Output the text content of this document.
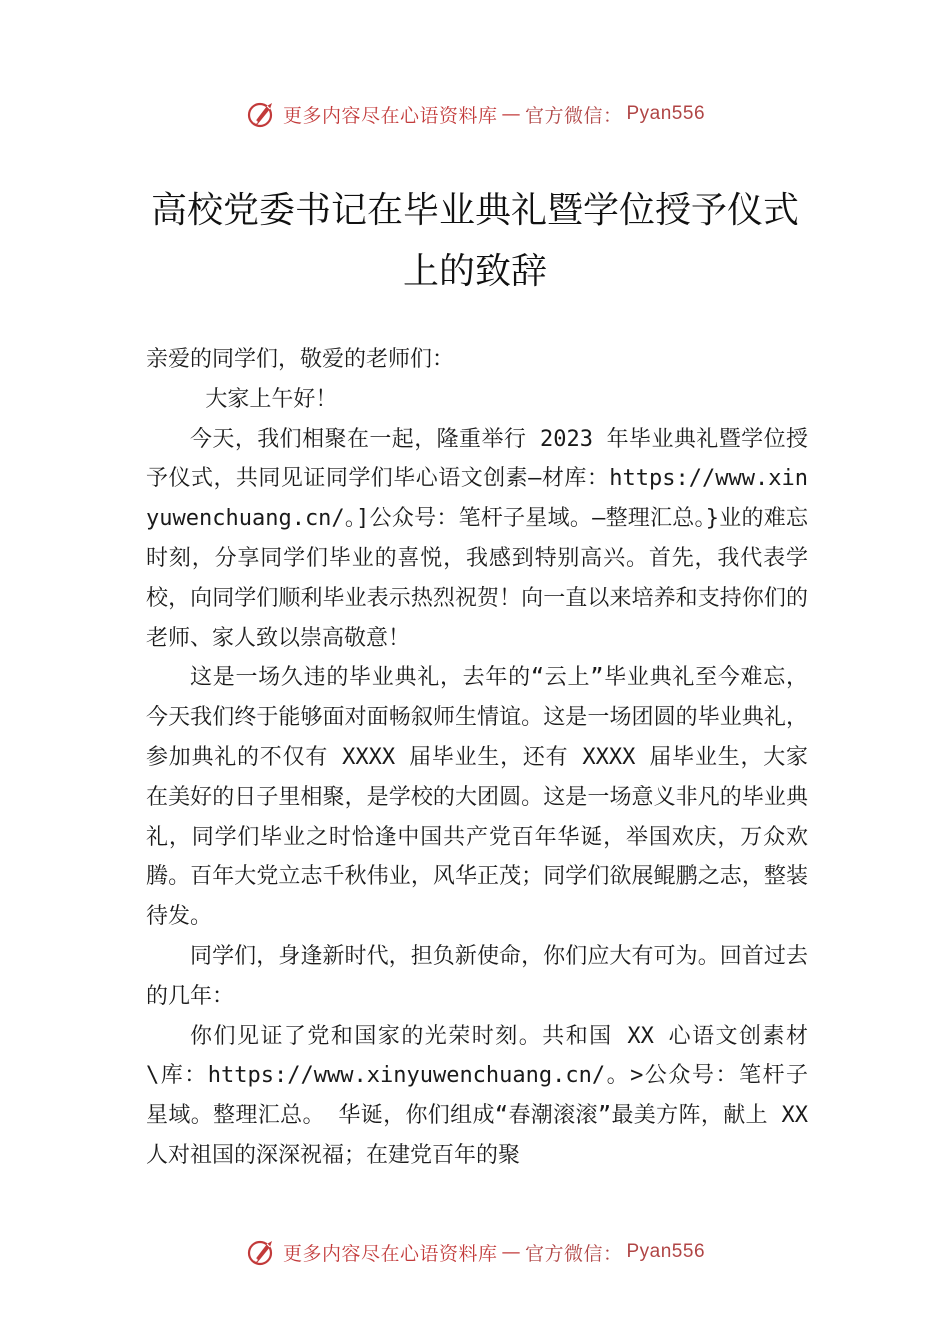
更多内容尽在心语资料库 — 官方微信： Pyan556
高校党委书记在毕业典礼暨学位授予仪式上的致辞

亲爱的同学们，敬爱的老师们：

大家上午好！

今天，我们相聚在一起，隆重举行 2023 年毕业典礼暨学位授予仪式，共同见证同学们毕心语文创素—材库：https://www.xinyuwenchuang.cn/。]公众号：笔杆子星域。—整理汇总。}业的难忘时刻，分享同学们毕业的喜悦，我感到特别高兴。首先，我代表学校，向同学们顺利毕业表示热烈祝贺！向一直以来培养和支持你们的老师、家人致以崇高敬意！

这是一场久违的毕业典礼，去年的“云上”毕业典礼至今难忘，今天我们终于能够面对面畅叙师生情谊。这是一场团圆的毕业典礼，参加典礼的不仅有 XXXX 届毕业生，还有 XXXX 届毕业生，大家在美好的日子里相聚，是学校的大团圆。这是一场意义非凡的毕业典礼，同学们毕业之时恰逢中国共产党百年华诞，举国欢庆，万众欢腾。百年大党立志千秋伟业，风华正茂；同学们欲展鲲鹏之志，整装待发。

同学们，身逢新时代，担负新使命，你们应大有可为。回首过去的几年：

你们见证了党和国家的光荣时刻。共和国 XX 心语文创素材\库：https://www.xinyuwenchuang.cn/。>公众号：笔杆子星域。整理汇总。 华诞，你们组成“春潮滚滚”最美方阵，献上 XX 人对祖国的深深祝福；在建党百年的聚

更多内容尽在心语资料库 — 官方微信： Pyan556
